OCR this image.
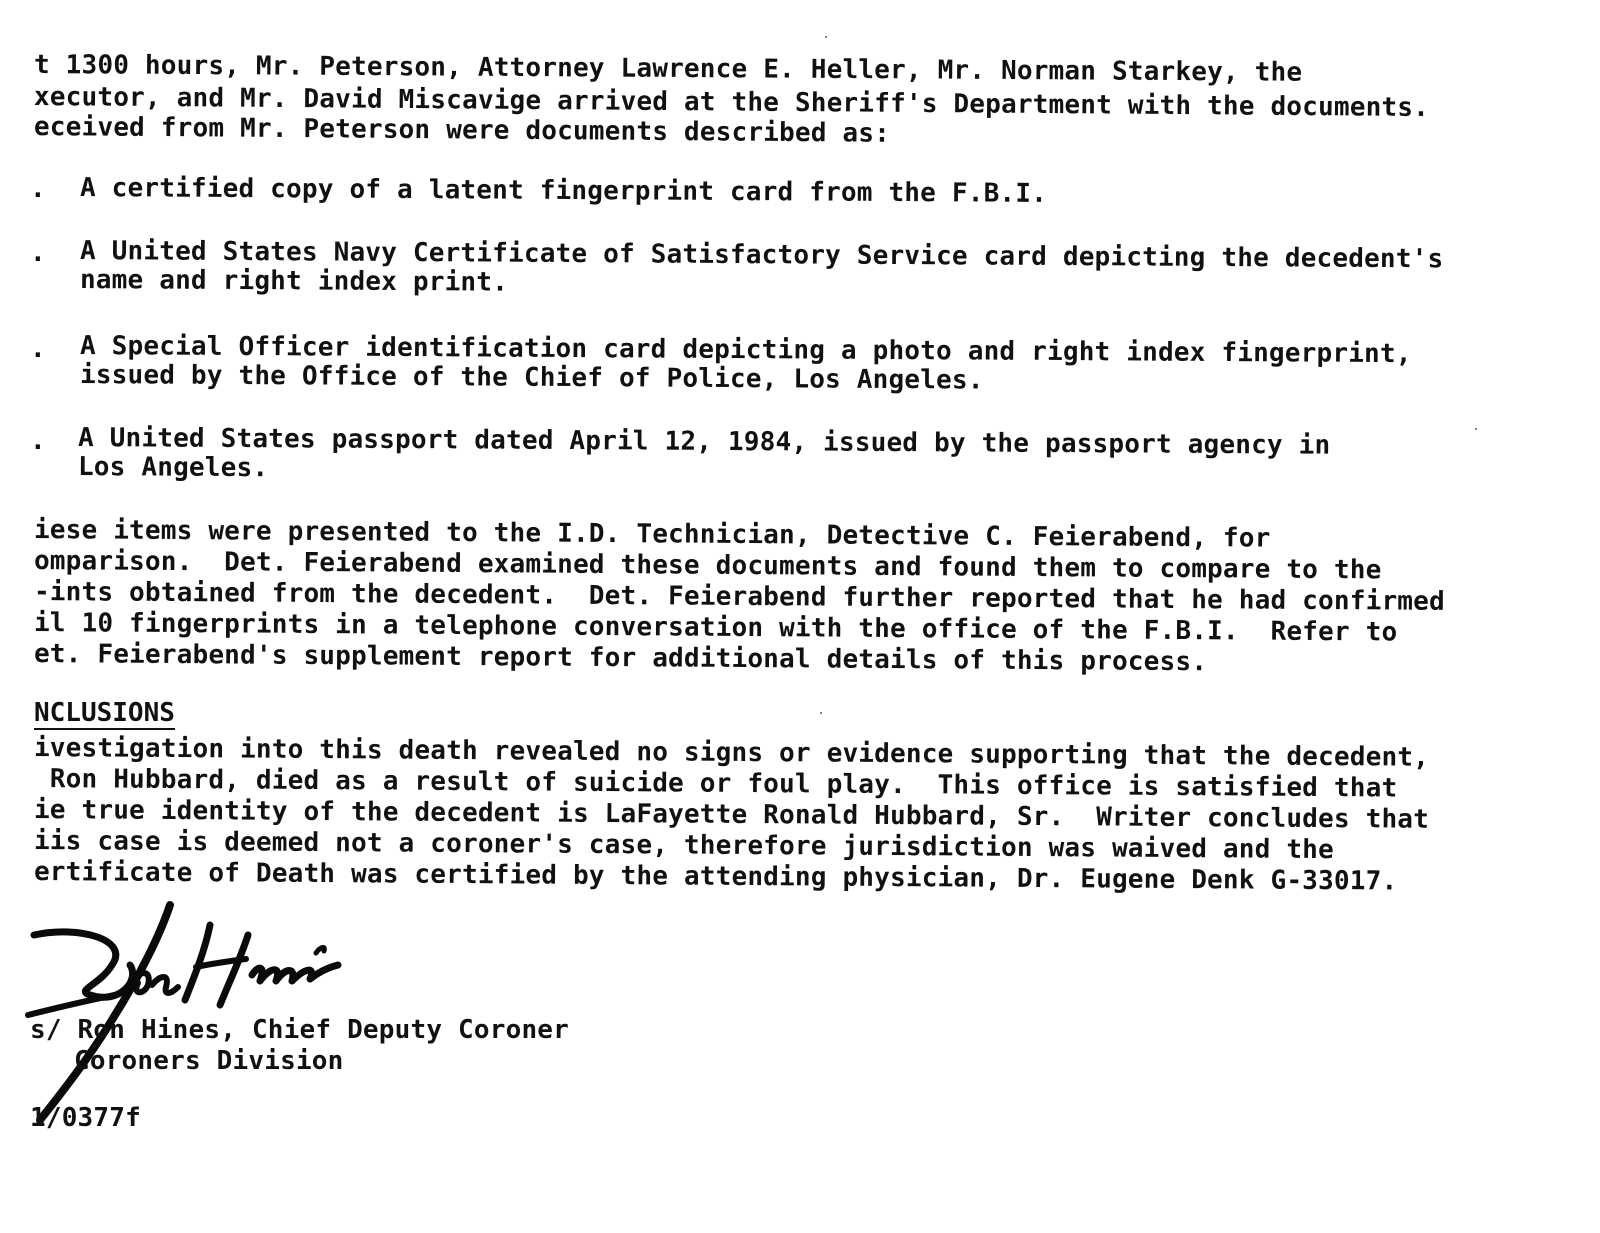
t 1300 hours, Mr. Peterson, Attorney Lawrence E. Heller, Mr. Norman Starkey, the
xecutor, and Mr. David Miscavige arrived at the Sheriff's Department with the documents.
eceived from Mr. Peterson were documents described as:
. A certified copy of a latent fingerprint card from the F.B.I.
. A United States Navy Certificate of Satisfactory Service card depicting the decedent's
name and right index print.
. A Special Officer identification card depicting a photo and right index fingerprint,
issued by the Office of the Chief of Police, Los Angeles.
. A United States passport dated April 12, 1984, issued by the passport agency in
Los Angeles.
iese items were presented to the I.D. Technician, Detective C. Feierabend, for
omparison.  Det. Feierabend examined these documents and found them to compare to the
-ints obtained from the decedent.  Det. Feierabend further reported that he had confirmed
il 10 fingerprints in a telephone conversation with the office of the F.B.I.  Refer to
et. Feierabend's supplement report for additional details of this process.
NCLUSIONS
ivestigation into this death revealed no signs or evidence supporting that the decedent,
Ron Hubbard, died as a result of suicide or foul play.  This office is satisfied that
ie true identity of the decedent is LaFayette Ronald Hubbard, Sr.  Writer concludes that
iis case is deemed not a coroner's case, therefore jurisdiction was waived and the
ertificate of Death was certified by the attending physician, Dr. Eugene Denk G-33017.
s/ Ron Hines, Chief Deputy Coroner
Coroners Division
1/0377f
